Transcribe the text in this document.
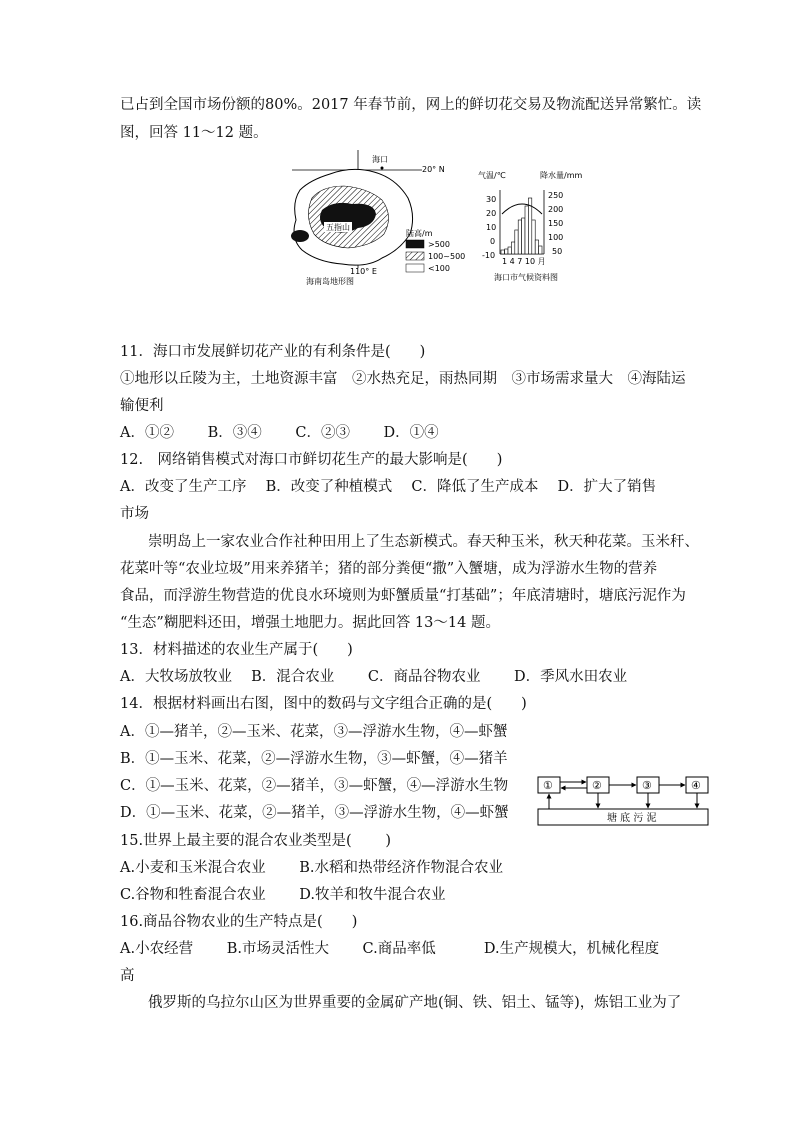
已占到全国市场份额的80%。2017 年春节前，网上的鲜切花交易及物流配送异常繁忙。读
图，回答 11～12 题。
五指山
海口
20° N
110° E
陆高/m
>500
100~500
<100
海南岛地形图
气温/℃	降水量/mm
30
20
10
0
-10
250
200
150
100
50
1 4 7 10 月
海口市气候资料图
11．海口市发展鲜切花产业的有利条件是(　　)
①地形以丘陵为主，土地资源丰富　②水热充足，雨热同期　③市场需求量大　④海陆运
输便利
A．①②　　 B．③④　　 C．②③　　 D．①④
12.　网络销售模式对海口市鲜切花生产的最大影响是(　　)
A．改变了生产工序　 B．改变了种植模式　 C．降低了生产成本　 D．扩大了销售
市场
崇明岛上一家农业合作社种田用上了生态新模式。春天种玉米，秋天种花菜。玉米秆、
花菜叶等“农业垃圾”用来养猪羊；猪的部分粪便“撒”入蟹塘，成为浮游水生物的营养
食品，而浮游生物营造的优良水环境则为虾蟹质量“打基础”；年底清塘时，塘底污泥作为
“生态”糊肥料还田，增强土地肥力。据此回答 13～14 题。
13．材料描述的农业生产属于(　　)
A．大牧场放牧业　 B．混合农业　　 C．商品谷物农业　　 D．季风水田农业
14．根据材料画出右图，图中的数码与文字组合正确的是(　　)
A．①—猪羊，②—玉米、花菜，③—浮游水生物，④—虾蟹
B．①—玉米、花菜，②—浮游水生物，③—虾蟹，④—猪羊
C．①—玉米、花菜，②—猪羊，③—虾蟹，④—浮游水生物
D．①—玉米、花菜，②—猪羊，③—浮游水生物，④—虾蟹
15.世界上最主要的混合农业类型是(　　 )
A.小麦和玉米混合农业　　 B.水稻和热带经济作物混合农业
C.谷物和牲畜混合农业　　 D.牧羊和牧牛混合农业
16.商品谷物农业的生产特点是(　　)
A.小农经营　　 B.市场灵活性大　　 C.商品率低　　　 D.生产规模大，机械化程度
高
俄罗斯的乌拉尔山区为世界重要的金属矿产地(铜、铁、铝土、锰等)，炼铝工业为了
①	②	③	④
塘 底 污 泥
